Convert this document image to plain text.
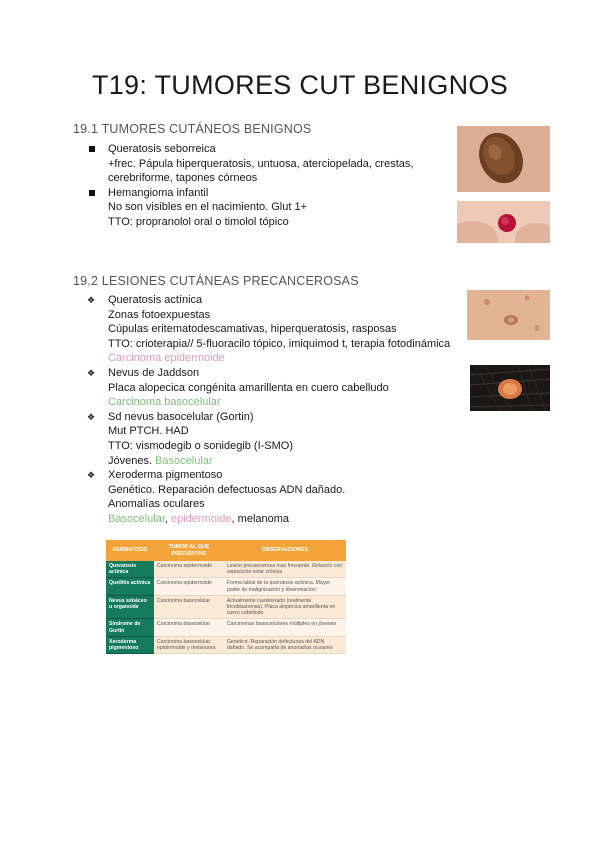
T19: TUMORES CUT BENIGNOS
19.1 TUMORES CUTÁNEOS BENIGNOS
Queratosis seborreica
+frec. Pápula hiperqueratosis, untuosa, aterciopelada, crestas,
cerebriforme, tapones córneos
Hemangioma infantil
No son visibles en el nacimiento. Glut 1+
TTO: propranolol oral o timolol tópico
19.2 LESIONES CUTÁNEAS PRECANCEROSAS
❖	Queratosis actínica
Zonas fotoexpuestas
Cúpulas eritematodescamativas, hiperqueratosis, rasposas
TTO: crioterapia// 5-fluoracilo tópico, imiquimod t, terapia fotodinámica
Carcinoma epidermoide
❖	Nevus de Jaddson
Placa alopecica congénita amarillenta en cuero cabelludo
Carcinoma basocelular
❖	Sd nevus basocelular (Gortin)
Mut PTCH. HAD
TTO: vismodegib o sonidegib (I-SMO)
Jóvenes. Basocelular
❖	Xeroderma pigmentoso
Genético. Reparación defectuosas ADN dañado.
Anomalías oculares
Basocelular, epidermoide, melanoma
DERMATOSIS	TUMOR AL QUE PREDISPONE	OBSERVACIONES
Queratosis actínica	Carcinoma epidermoide	Lesión precancerosa más frecuente. Relación con exposición solar crónica
Queilitis actínica	Carcinoma epidermoide	Forma labial de la queratosis actínica. Mayor poder de malignización y diseminación
Nevus sebáceo u organoide	Carcinoma basocelular	Actualmente cuestionado (realmente tricoblastomas). Placa alopécica amarillenta en cuero cabelludo
Síndrome de Gorlin	Carcinoma basocelular	Carcinomas basocelulares múltiples en jóvenes
Xeroderma pigmentoso	Carcinoma basocelular, epidermoide y melanoma	Genético. Reparación defectuosa del ADN dañado. Se acompaña de anomalías oculares
